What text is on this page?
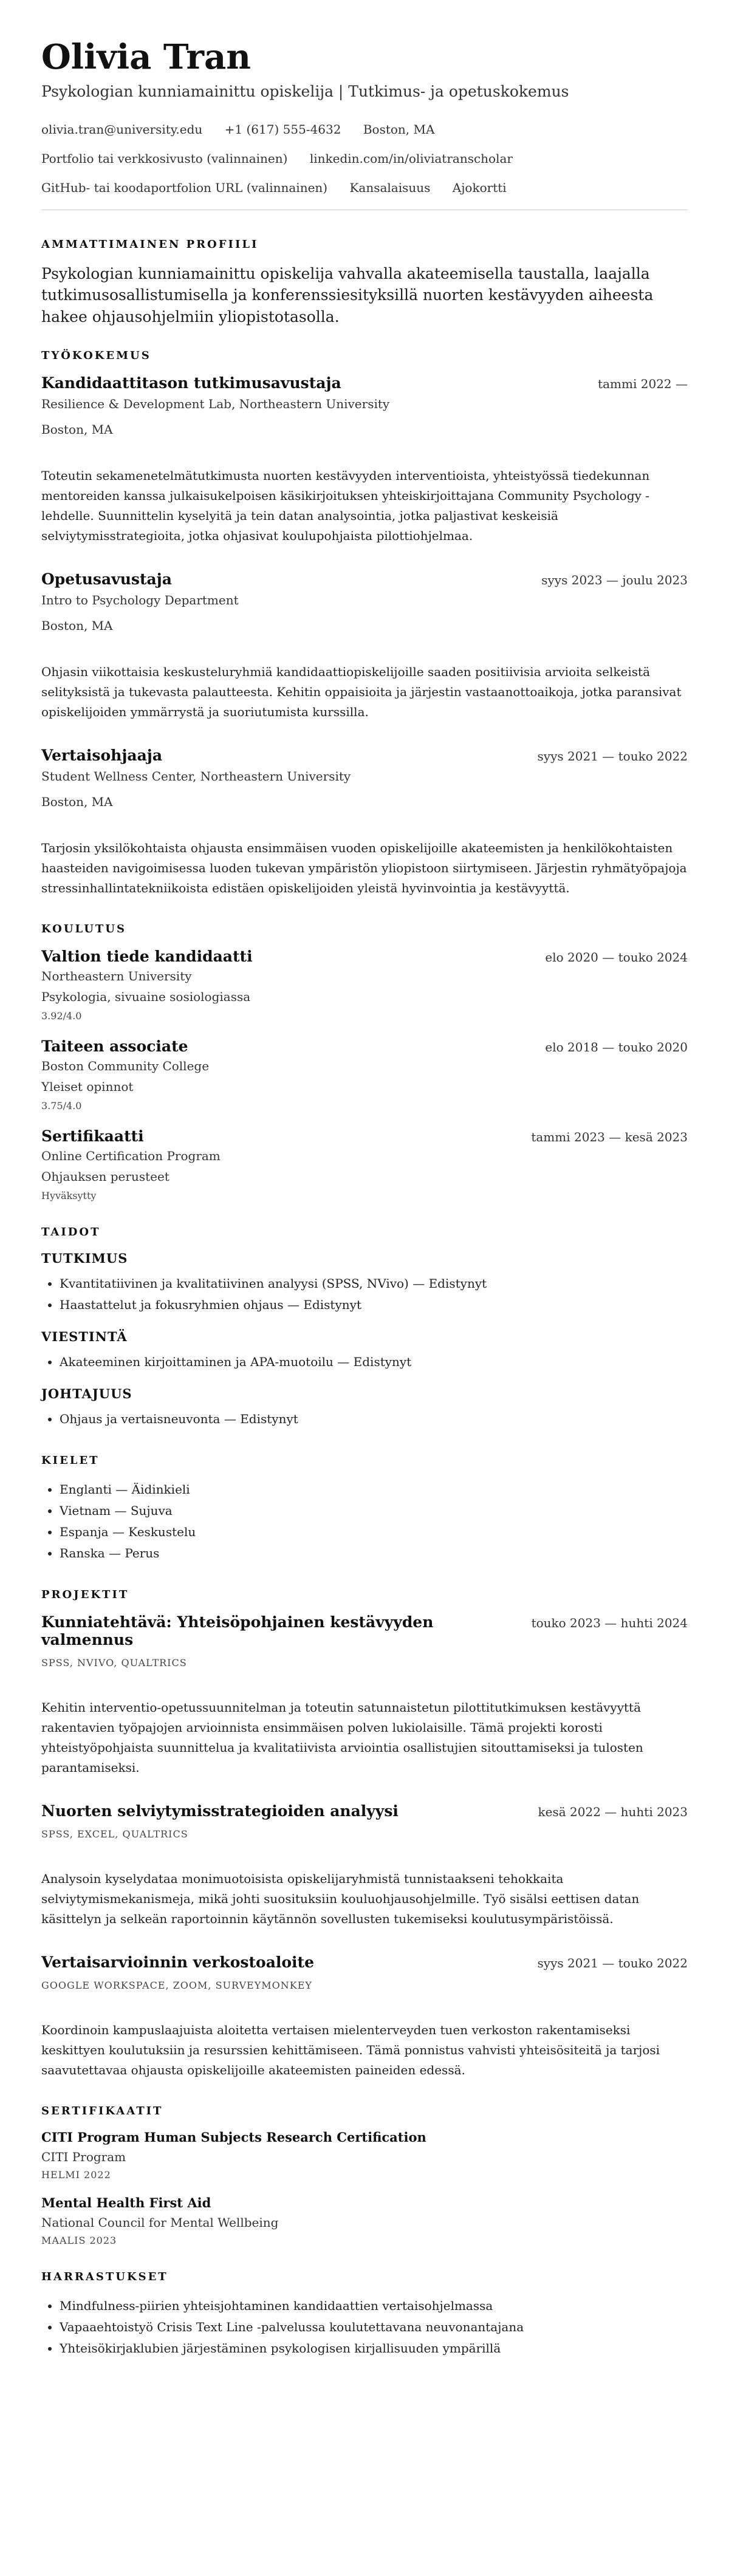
Olivia Tran
Psykologian kunniamainittu opiskelija | Tutkimus- ja opetuskokemus
olivia.tran@university.edu +1 (617) 555-4632 Boston, MA
Portfolio tai verkkosivusto (valinnainen) linkedin.com/in/oliviatranscholar
GitHub- tai koodaportfolion URL (valinnainen) Kansalaisuus Ajokortti
AMMATTIMAINEN PROFIILI
Psykologian kunniamainittu opiskelija vahvalla akateemisella taustalla, laajalla tutkimusosallistumisella ja konferenssiesityksillä nuorten kestävyyden aiheesta hakee ohjausohjelmiin yliopistotasolla.
TYÖKOKEMUS
Kandidaattitason tutkimusavustaja	tammi 2022 —
Resilience & Development Lab, Northeastern University
Boston, MA
Toteutin sekamenetelmätutkimusta nuorten kestävyyden interventioista, yhteistyössä tiedekunnan mentoreiden kanssa julkaisukelpoisen käsikirjoituksen yhteiskirjoittajana Community Psychology -lehdelle. Suunnittelin kyselyitä ja tein datan analysointia, jotka paljastivat keskeisiä selviytymisstrategioita, jotka ohjasivat koulupohjaista pilottiohjelmaa.
Opetusavustaja	syys 2023 — joulu 2023
Intro to Psychology Department
Boston, MA
Ohjasin viikottaisia keskusteluryhmiä kandidaattiopiskelijoille saaden positiivisia arvioita selkeistä selityksistä ja tukevasta palautteesta. Kehitin oppaisioita ja järjestin vastaanottoaikoja, jotka paransivat opiskelijoiden ymmärrystä ja suoriutumista kurssilla.
Vertaisohjaaja	syys 2021 — touko 2022
Student Wellness Center, Northeastern University
Boston, MA
Tarjosin yksilökohtaista ohjausta ensimmäisen vuoden opiskelijoille akateemisten ja henkilökohtaisten haasteiden navigoimisessa luoden tukevan ympäristön yliopistoon siirtymiseen. Järjestin ryhmätyöpajoja stressinhallintatekniikoista edistäen opiskelijoiden yleistä hyvinvointia ja kestävyyttä.
KOULUTUS
Valtion tiede kandidaatti	elo 2020 — touko 2024
Northeastern University
Psykologia, sivuaine sosiologiassa
3.92/4.0
Taiteen associate	elo 2018 — touko 2020
Boston Community College
Yleiset opinnot
3.75/4.0
Sertifikaatti	tammi 2023 — kesä 2023
Online Certification Program
Ohjauksen perusteet
Hyväksytty
TAIDOT
TUTKIMUS
• Kvantitatiivinen ja kvalitatiivinen analyysi (SPSS, NVivo) — Edistynyt
• Haastattelut ja fokusryhmien ohjaus — Edistynyt
VIESTINTÄ
• Akateeminen kirjoittaminen ja APA-muotoilu — Edistynyt
JOHTAJUUS
• Ohjaus ja vertaisneuvonta — Edistynyt
KIELET
• Englanti — Äidinkieli
• Vietnam — Sujuva
• Espanja — Keskustelu
• Ranska — Perus
PROJEKTIT
Kunniatehtävä: Yhteisöpohjainen kestävyyden valmennus
touko 2023 — huhti 2024
SPSS, NVIVO, QUALTRICS
Kehitin interventio-opetussuunnitelman ja toteutin satunnaistetun pilottitutkimuksen kestävyyttä rakentavien työpajojen arvioinnista ensimmäisen polven lukiolaisille. Tämä projekti korosti yhteistyöpohjaista suunnittelua ja kvalitatiivista arviointia osallistujien sitouttamiseksi ja tulosten parantamiseksi.
Nuorten selviytymisstrategioiden analyysi	kesä 2022 — huhti 2023
SPSS, EXCEL, QUALTRICS
Analysoin kyselydataa monimuotoisista opiskelijaryhmistä tunnistaakseni tehokkaita selviytymismekanismeja, mikä johti suosituksiin kouluohjausohjelmille. Työ sisälsi eettisen datan käsittelyn ja selkeän raportoinnin käytännön sovellusten tukemiseksi koulutusympäristöissä.
Vertaisarvioinnin verkostoaloite	syys 2021 — touko 2022
GOOGLE WORKSPACE, ZOOM, SURVEYMONKEY
Koordinoin kampuslaajuista aloitetta vertaisen mielenterveyden tuen verkoston rakentamiseksi keskittyen koulutuksiin ja resurssien kehittämiseen. Tämä ponnistus vahvisti yhteisösiteitä ja tarjosi saavutettavaa ohjausta opiskelijoille akateemisten paineiden edessä.
SERTIFIKAATIT
CITI Program Human Subjects Research Certification
CITI Program
HELMI 2022
Mental Health First Aid
National Council for Mental Wellbeing
MAALIS 2023
HARRASTUKSET
• Mindfulness-piirien yhteisjohtaminen kandidaattien vertaisohjelmassa
• Vapaaehtoistyö Crisis Text Line -palvelussa koulutettavana neuvonantajana
• Yhteisökirjaklubien järjestäminen psykologisen kirjallisuuden ympärillä
